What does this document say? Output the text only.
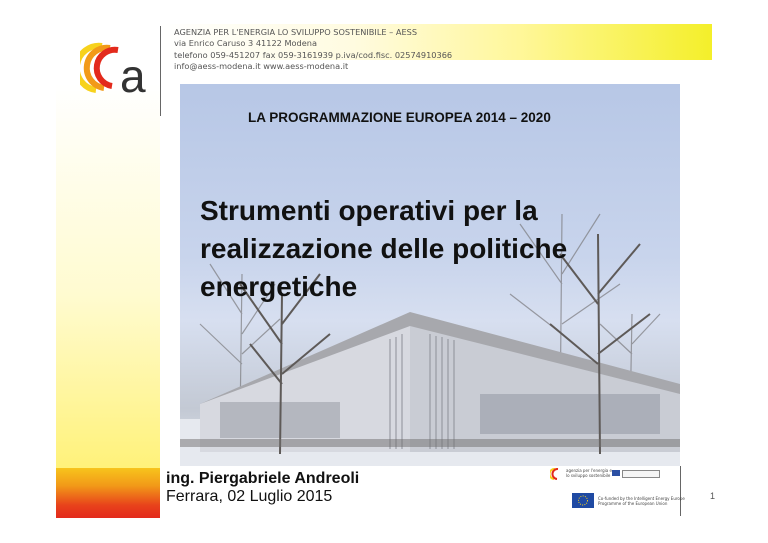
a
AGENZIA PER L'ENERGIA LO SVILUPPO SOSTENIBILE – AESS
via Enrico Caruso 3 41122 Modena
telefono 059-451207 fax 059-3161939 p.iva/cod.fisc. 02574910366
info@aess-modena.it www.aess-modena.it
LA PROGRAMMAZIONE EUROPEA 2014 – 2020
Strumenti operativi per la
realizzazione delle politiche
energetiche
ing. Piergabriele Andreoli
Ferrara, 02 Luglio 2015	1
agenzia per l'energia e
lo sviluppo sostenibile
Co-funded by the Intelligent Energy Europe
Programme of the European Union
